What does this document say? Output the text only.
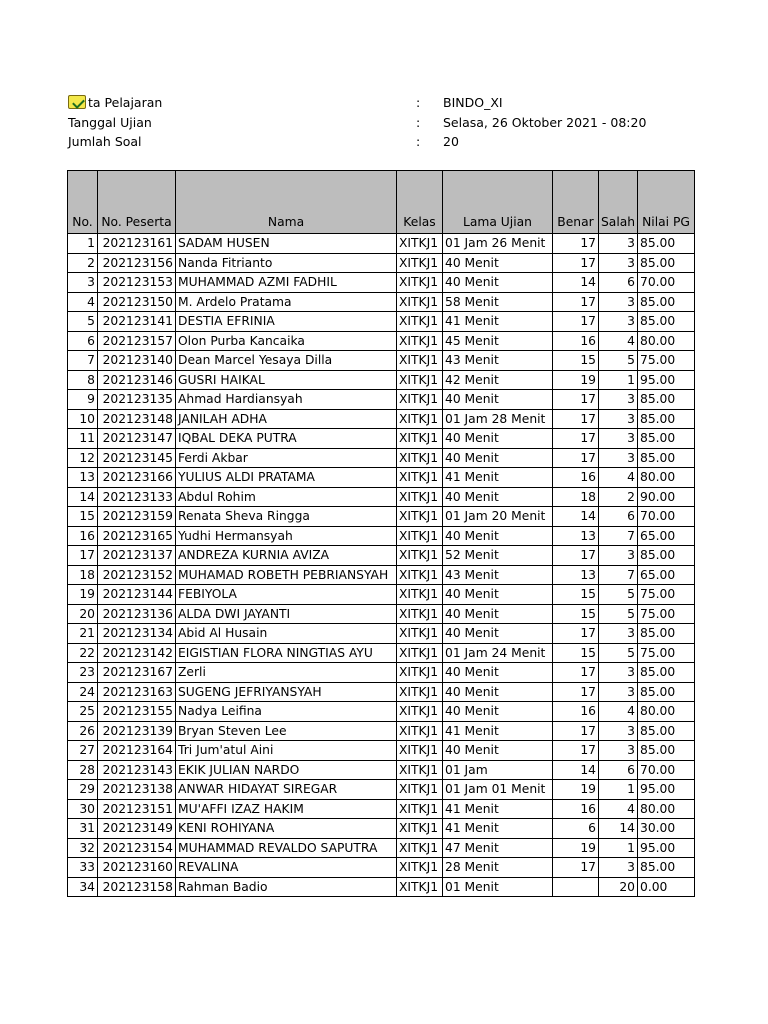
ta Pelajaran	: BINDO_XI
Tanggal Ujian	: Selasa, 26 Oktober 2021 - 08:20
Jumlah Soal	: 20
No.	No. Peserta	Nama	Kelas	Lama Ujian	Benar	Salah	Nilai PG
1	202123161	SADAM HUSEN	XITKJ1	01 Jam 26 Menit	17	3	85.00
2	202123156	Nanda Fitrianto	XITKJ1	40 Menit	17	3	85.00
3	202123153	MUHAMMAD AZMI FADHIL	XITKJ1	40 Menit	14	6	70.00
4	202123150	M. Ardelo Pratama	XITKJ1	58 Menit	17	3	85.00
5	202123141	DESTIA EFRINIA	XITKJ1	41 Menit	17	3	85.00
6	202123157	Olon Purba Kancaika	XITKJ1	45 Menit	16	4	80.00
7	202123140	Dean Marcel Yesaya Dilla	XITKJ1	43 Menit	15	5	75.00
8	202123146	GUSRI HAIKAL	XITKJ1	42 Menit	19	1	95.00
9	202123135	Ahmad Hardiansyah	XITKJ1	40 Menit	17	3	85.00
10	202123148	JANILAH ADHA	XITKJ1	01 Jam 28 Menit	17	3	85.00
11	202123147	IQBAL DEKA PUTRA	XITKJ1	40 Menit	17	3	85.00
12	202123145	Ferdi Akbar	XITKJ1	40 Menit	17	3	85.00
13	202123166	YULIUS ALDI PRATAMA	XITKJ1	41 Menit	16	4	80.00
14	202123133	Abdul Rohim	XITKJ1	40 Menit	18	2	90.00
15	202123159	Renata Sheva Ringga	XITKJ1	01 Jam 20 Menit	14	6	70.00
16	202123165	Yudhi Hermansyah	XITKJ1	40 Menit	13	7	65.00
17	202123137	ANDREZA KURNIA AVIZA	XITKJ1	52 Menit	17	3	85.00
18	202123152	MUHAMAD ROBETH PEBRIANSYAH	XITKJ1	43 Menit	13	7	65.00
19	202123144	FEBIYOLA	XITKJ1	40 Menit	15	5	75.00
20	202123136	ALDA DWI JAYANTI	XITKJ1	40 Menit	15	5	75.00
21	202123134	Abid Al Husain	XITKJ1	40 Menit	17	3	85.00
22	202123142	EIGISTIAN FLORA NINGTIAS AYU	XITKJ1	01 Jam 24 Menit	15	5	75.00
23	202123167	Zerli	XITKJ1	40 Menit	17	3	85.00
24	202123163	SUGENG JEFRIYANSYAH	XITKJ1	40 Menit	17	3	85.00
25	202123155	Nadya Leifina	XITKJ1	40 Menit	16	4	80.00
26	202123139	Bryan Steven Lee	XITKJ1	41 Menit	17	3	85.00
27	202123164	Tri Jum'atul Aini	XITKJ1	40 Menit	17	3	85.00
28	202123143	EKIK JULIAN NARDO	XITKJ1	01 Jam	14	6	70.00
29	202123138	ANWAR HIDAYAT SIREGAR	XITKJ1	01 Jam 01 Menit	19	1	95.00
30	202123151	MU'AFFI IZAZ HAKIM	XITKJ1	41 Menit	16	4	80.00
31	202123149	KENI ROHIYANA	XITKJ1	41 Menit	6	14	30.00
32	202123154	MUHAMMAD REVALDO SAPUTRA	XITKJ1	47 Menit	19	1	95.00
33	202123160	REVALINA	XITKJ1	28 Menit	17	3	85.00
34	202123158	Rahman Badio	XITKJ1	01 Menit		20	0.00
